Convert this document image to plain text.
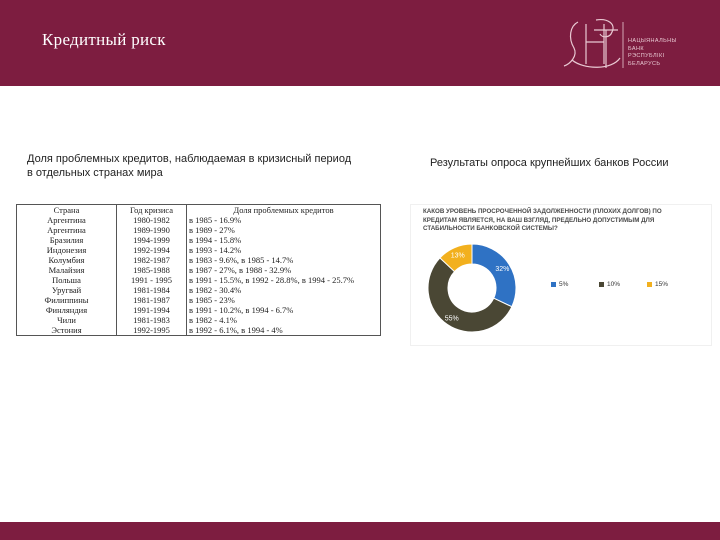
Кредитный риск	НАЦЫЯНАЛЬНЫ
БАНК
РЭСПУБЛІКІ
БЕЛАРУСЬ
Доля проблемных кредитов, наблюдаемая в кризисный период в отдельных странах мира
Страна	Год кризиса	Доля проблемных кредитов
Аргентина	1980-1982	в 1985 - 16.9%
Аргентина	1989-1990	в 1989 - 27%
Бразилия	1994-1999	в 1994 - 15.8%
Индонезия	1992-1994	в 1993 - 14.2%
Колумбия	1982-1987	в 1983 - 9.6%, в 1985 - 14.7%
Малайзия	1985-1988	в 1987 - 27%, в 1988 - 32.9%
Польша	1991 - 1995	в 1991 - 15.5%, в 1992 - 28.8%, в 1994 - 25.7%
Уругвай	1981-1984	в 1982 - 30.4%
Филиппины	1981-1987	в 1985 - 23%
Финляндия	1991-1994	в 1991 - 10.2%, в 1994 - 6.7%
Чили	1981-1983	в 1982 - 4.1%
Эстония	1992-1995	в 1992 - 6.1%, в 1994 - 4%
Результаты опроса крупнейших банков России
КАКОВ УРОВЕНЬ ПРОСРОЧЕННОЙ ЗАДОЛЖЕННОСТИ (ПЛОХИХ ДОЛГОВ) ПО КРЕДИТАМ ЯВЛЯЕТСЯ, НА ВАШ ВЗГЛЯД, ПРЕДЕЛЬНО ДОПУСТИМЫМ ДЛЯ СТАБИЛЬНОСТИ БАНКОВСКОЙ СИСТЕМЫ?
32%
55%
13%
5%	10%	15%
